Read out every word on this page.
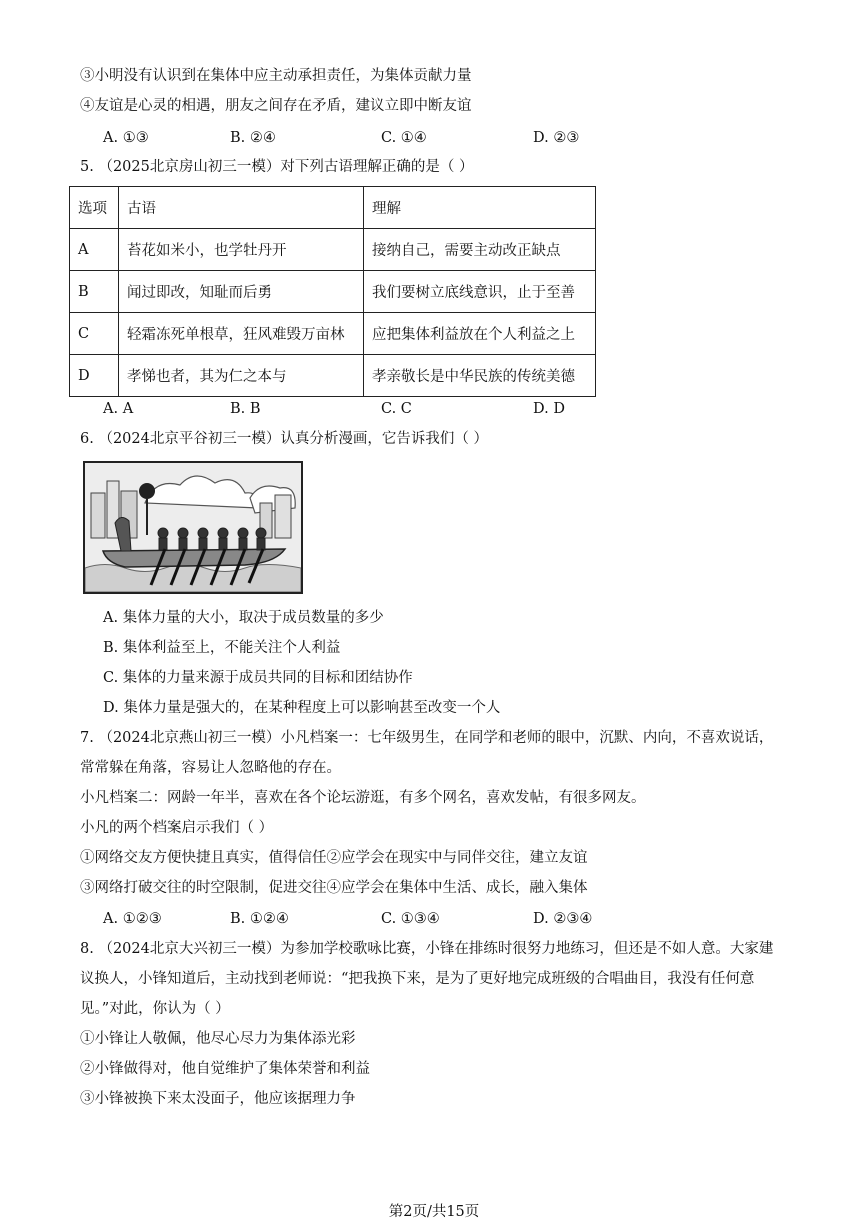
③小明没有认识到在集体中应主动承担责任，为集体贡献力量
④友谊是心灵的相遇，朋友之间存在矛盾，建议立即中断友谊
A. ①③	B. ②④	C. ①④	D. ②③
5. （2025北京房山初三一模）对下列古语理解正确的是（ ）
选项	古语	理解
A	苔花如米小，也学牡丹开	接纳自己，需要主动改正缺点
B	闻过即改，知耻而后勇	我们要树立底线意识，止于至善
C	轻霜冻死单根草，狂风难毁万亩林	应把集体利益放在个人利益之上
D	孝悌也者，其为仁之本与	孝亲敬长是中华民族的传统美德
A. A	B. B	C. C	D. D
6. （2024北京平谷初三一模）认真分析漫画，它告诉我们（ ）
A. 集体力量的大小，取决于成员数量的多少
B. 集体利益至上，不能关注个人利益
C. 集体的力量来源于成员共同的目标和团结协作
D. 集体力量是强大的，在某种程度上可以影响甚至改变一个人
7. （2024北京燕山初三一模）小凡档案一：七年级男生，在同学和老师的眼中，沉默、内向，不喜欢说话，
常常躲在角落，容易让人忽略他的存在。
小凡档案二：网龄一年半，喜欢在各个论坛游逛，有多个网名，喜欢发帖，有很多网友。
小凡的两个档案启示我们（ ）
①网络交友方便快捷且真实，值得信任②应学会在现实中与同伴交往，建立友谊
③网络打破交往的时空限制，促进交往④应学会在集体中生活、成长，融入集体
A. ①②③	B. ①②④	C. ①③④	D. ②③④
8. （2024北京大兴初三一模）为参加学校歌咏比赛，小锋在排练时很努力地练习，但还是不如人意。大家建
议换人，小锋知道后，主动找到老师说：“把我换下来，是为了更好地完成班级的合唱曲目，我没有任何意
见。”对此，你认为（ ）
①小锋让人敬佩，他尽心尽力为集体添光彩
②小锋做得对，他自觉维护了集体荣誉和利益
③小锋被换下来太没面子，他应该据理力争
第2页/共15页
